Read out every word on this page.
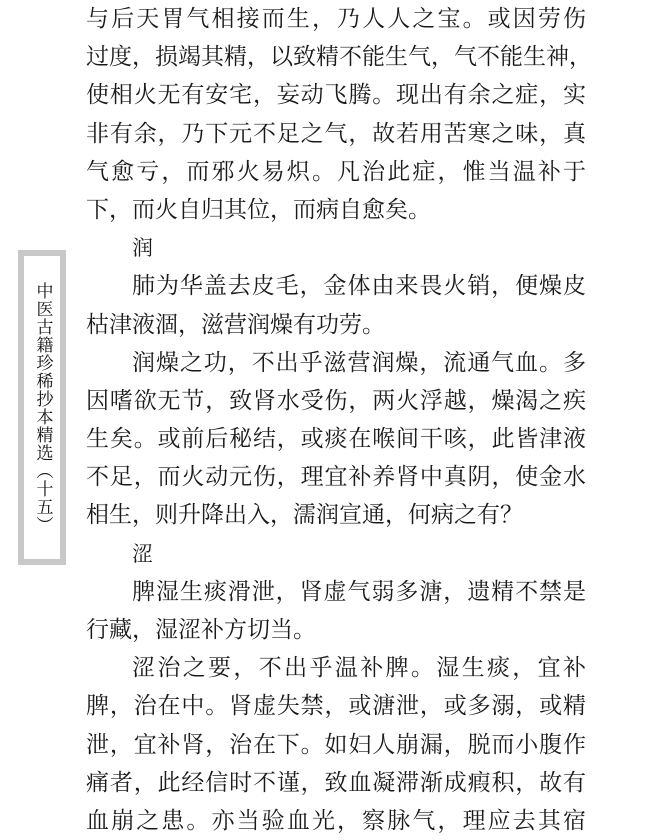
中医古籍珍稀抄本精选（十五）
与后天胃气相接而生，乃人人之宝。或因劳伤
过度，损竭其精，以致精不能生气，气不能生神，
使相火无有安宅，妄动飞腾。现出有余之症，实
非有余，乃下元不足之气，故若用苦寒之味，真
气愈亏，而邪火易炽。凡治此症，惟当温补于
下，而火自归其位，而病自愈矣。
润
肺为华盖去皮毛，金体由来畏火销，便燥皮
枯津液涸，滋营润燥有功劳。
润燥之功，不出乎滋营润燥，流通气血。多
因嗜欲无节，致肾水受伤，两火浮越，燥渴之疾
生矣。或前后秘结，或痰在喉间干咳，此皆津液
不足，而火动元伤，理宜补养肾中真阴，使金水
相生，则升降出入，濡润宣通，何病之有？
涩
脾湿生痰滑泄，肾虚气弱多溏，遗精不禁是
行藏，湿涩补方切当。
涩治之要，不出乎温补脾。湿生痰，宜补
脾，治在中。肾虚失禁，或溏泄，或多溺，或精
泄，宜补肾，治在下。如妇人崩漏，脱而小腹作
痛者，此经信时不谨，致血凝滞渐成瘕积，故有
血崩之患。亦当验血光，察脉气，理应去其宿
